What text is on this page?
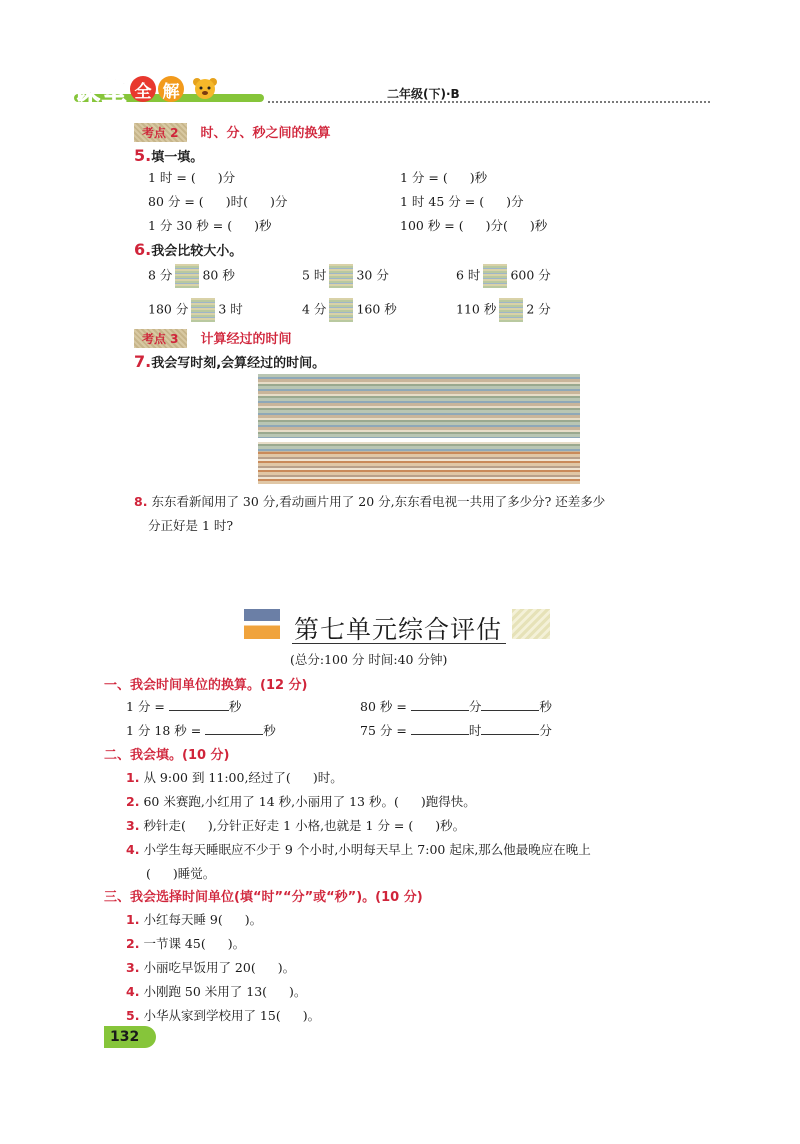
课 堂 全 解	二年级(下)·B
考点 2 时、分、秒之间的换算
5.填一填。
1 时 = ( )分	1 分 = ( )秒
80 分 = ( )时( )分	1 时 45 分 = ( )分
1 分 30 秒 = ( )秒	100 秒 = ( )分( )秒
6.我会比较大小。
8 分 80 秒	5 时 30 分	6 时 600 分
180 分 3 时	4 分 160 秒	110 秒 2 分
考点 3 计算经过的时间
7.我会写时刻,会算经过的时间。
8. 东东看新闻用了 30 分,看动画片用了 20 分,东东看电视一共用了多少分? 还差多少
分正好是 1 时?
第七单元综合评估
(总分:100 分 时间:40 分钟)
一、我会时间单位的换算。(12 分)
1 分 =	秒	80 秒 =	分	秒
1 分 18 秒 =	秒	75 分 =	时	分
二、我会填。(10 分)
1. 从 9:00 到 11:00,经过了( )时。
2. 60 米赛跑,小红用了 14 秒,小丽用了 13 秒。( )跑得快。
3. 秒针走( ),分针正好走 1 小格,也就是 1 分 = ( )秒。
4. 小学生每天睡眠应不少于 9 个小时,小明每天早上 7:00 起床,那么他最晚应在晚上
( )睡觉。
三、我会选择时间单位(填“时”“分”或“秒”)。(10 分)
1. 小红每天睡 9( )。
2. 一节课 45( )。
3. 小丽吃早饭用了 20( )。
4. 小刚跑 50 米用了 13( )。
5. 小华从家到学校用了 15( )。
132
